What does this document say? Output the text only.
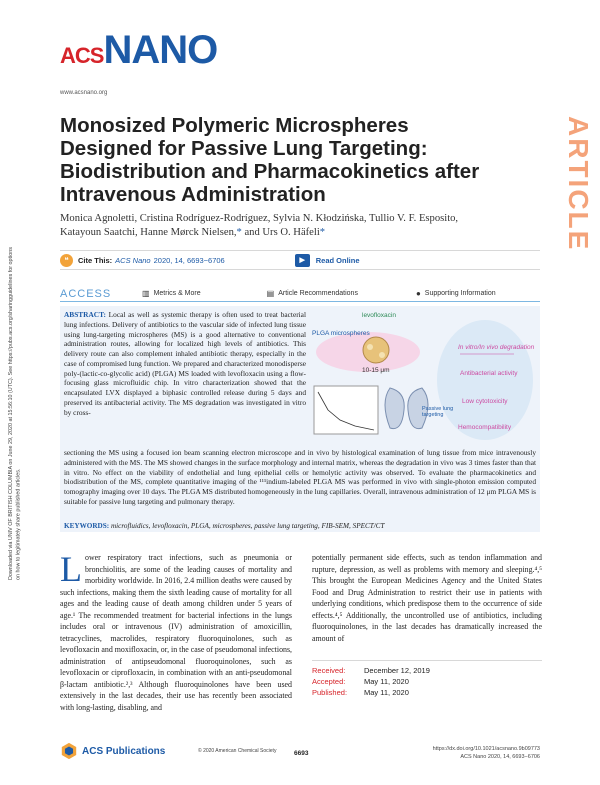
ACS NANO
www.acsnano.org
ARTICLE
Downloaded via UNIV OF BRITISH COLUMBIA on June 29, 2020 at 15:56:10 (UTC). See https://pubs.acs.org/sharingguidelines for options on how to legitimately share published articles.
Monosized Polymeric Microspheres Designed for Passive Lung Targeting: Biodistribution and Pharmacokinetics after Intravenous Administration
Monica Agnoletti, Cristina Rodríguez-Rodríguez, Sylvia N. Kłodzińska, Tullio V. F. Esposito,
Katayoun Saatchi, Hanne Mørck Nielsen,* and Urs O. Häfeli*
❝	Cite This: ACS Nano 2020, 14, 6693−6706	▶	Read Online
ACCESS	▥ Metrics & More	▤ Article Recommendations	● Supporting Information

ABSTRACT: Local as well as systemic therapy is often used to treat bacterial lung infections. Delivery of antibiotics to the vascular side of infected lung tissue using lung-targeting microspheres (MS) is a good alternative to conventional administration routes, allowing for localized high levels of antibiotics. This delivery route can also complement inhaled antibiotic therapy, especially in the case of compromised lung function. We prepared and characterized monodisperse poly-(lactic-co-glycolic acid) (PLGA) MS loaded with levofloxacin using a flow-focusing glass microfluidic chip. In vitro characterization showed that the encapsulated LVX displayed a biphasic controlled release during 5 days and preserved its antibacterial activity. The MS degradation was investigated in vitro by cross-

levofloxacin
PLGA microspheres
10-15 μm
In vitro/In vivo degradation
Antibacterial activity
Low cytotoxicity
Hemocompatibility
Passive lung targeting

sectioning the MS using a focused ion beam scanning electron microscope and in vivo by histological examination of lung tissue from mice intravenously administered with the MS. The MS showed changes in the surface morphology and internal matrix, whereas the degradation in vivo was 3 times faster than that in vitro. No effect on the viability of endothelial and lung epithelial cells or hemolytic activity was observed. To evaluate the pharmacokinetics and biodistribution of the MS, complete quantitative imaging of the ¹¹¹indium-labeled PLGA MS was performed in vivo with single-photon emission computed tomography imaging over 10 days. The PLGA MS distributed homogeneously in the lung capillaries. Overall, intravenous administration of 12 μm PLGA MS is suitable for passive lung targeting and pulmonary therapy.

KEYWORDS: microfluidics, levofloxacin, PLGA, microspheres, passive lung targeting, FIB-SEM, SPECT/CT

Lower respiratory tract infections, such as pneumonia or bronchiolitis, are some of the leading causes of mortality and morbidity worldwide. In 2016, 2.4 million deaths were caused by such infections, making them the sixth leading cause of mortality for all ages and the leading cause of death among children under 5 years of age.¹ The recommended treatment for bacterial infections in the lungs includes oral or intravenous (IV) administration of amoxicillin, tetracyclines, macrolides, respiratory fluoroquinolones, such as levofloxacin and moxifloxacin, or, in the case of pseudomonal infections, administration of antipseudomonal fluoroquinolones, such as levofloxacin or ciprofloxacin, in combination with an anti-pseudomonal β-lactam antibiotic.²,³ Although fluoroquinolones have been used extensively in the last decades, their use has recently been associated with long-lasting, disabling, and
potentially permanent side effects, such as tendon inflammation and rupture, depression, as well as problems with memory and sleeping.⁴,⁵ This brought the European Medicines Agency and the United States Food and Drug Administration to restrict their use in patients with underlying conditions, which predispose them to the occurrence of side effects.⁴,⁵ Additionally, the uncontrolled use of antibiotics, including fluoroquinolones, in the last decades has dramatically increased the amount of
Received:	December 12, 2019
Accepted:	May 11, 2020
Published:	May 11, 2020
ACS Publications	© 2020 American Chemical Society	6693
https://dx.doi.org/10.1021/acsnano.9b09773
ACS Nano 2020, 14, 6693−6706
